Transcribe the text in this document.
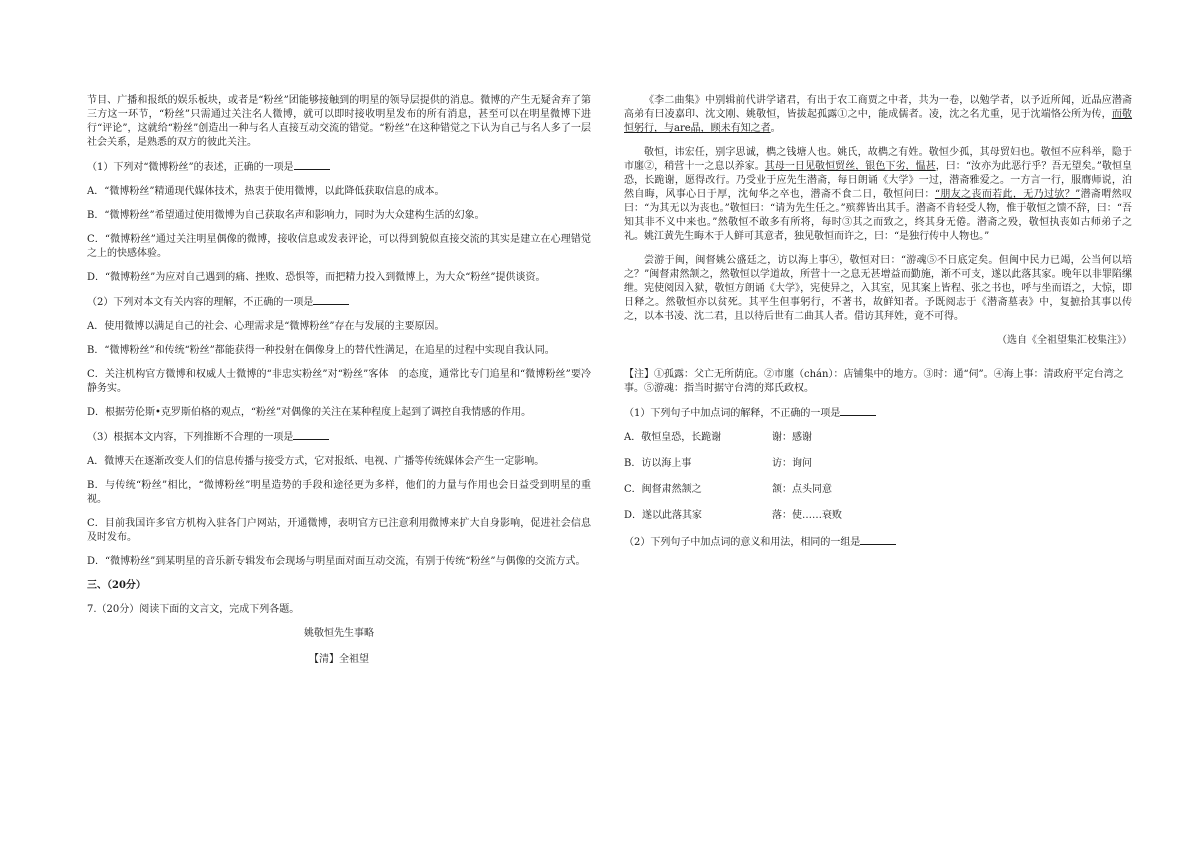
节目、广播和报纸的娱乐板块，或者是“粉丝”团能够接触到的明星的领导层提供的消息。微博的产生无疑舍弃了第三方这一环节，“粉丝”只需通过关注名人微博，就可以即时接收明星发布的所有消息，甚至可以在明星微博下进行“评论”，这就给“粉丝”创造出一种与名人直接互动交流的错觉。“粉丝”在这种错觉之下认为自己与名人多了一层社会关系，是熟悉的双方的彼此关注。

（1）下列对“微博粉丝”的表述，正确的一项是

A．“微博粉丝”精通现代媒体技术，热衷于使用微博，以此降低获取信息的成本。

B．“微博粉丝”希望通过使用微博为自己获取名声和影响力，同时为大众建构生活的幻象。

C．“微博粉丝”通过关注明星偶像的微博，接收信息或发表评论，可以得到貌似直接交流的其实是建立在心理错觉之上的快感体验。

D．“微博粉丝”为应对自己遇到的痛、挫败、恐惧等，而把精力投入到微博上，为大众“粉丝”提供谈资。

（2）下列对本文有关内容的理解，不正确的一项是

A．使用微博以满足自己的社会、心理需求是“微博粉丝”存在与发展的主要原因。

B．“微博粉丝”和传统“粉丝”都能获得一种投射在偶像身上的替代性满足，在追星的过程中实现自我认同。

C．关注机构官方微博和权威人士微博的“非忠实粉丝”对“粉丝”客体　的态度，通常比专门追星和“微博粉丝”要冷静务实。

D．根据劳伦斯•克罗斯伯格的观点，“粉丝”对偶像的关注在某种程度上起到了调控自我情感的作用。

（3）根据本文内容，下列推断不合理的一项是

A．微博天在逐渐改变人们的信息传播与接受方式，它对报纸、电视、广播等传统媒体会产生一定影响。

B．与传统“粉丝”相比，“微博粉丝”明星造势的手段和途径更为多样，他们的力量与作用也会日益受到明星的重视。

C．目前我国许多官方机构入驻各门户网站，开通微博，表明官方已注意利用微博来扩大自身影响，促进社会信息及时发布。

D．“微博粉丝”到某明星的音乐新专辑发布会现场与明星面对面互动交流，有别于传统“粉丝”与偶像的交流方式。

三、（20分）

7.（20分）阅读下面的文言文，完成下列各题。

姚敬恒先生事略

【清】全祖望

《李二曲集》中别辑前代讲学诸君，有出于农工商贾之中者，共为一卷，以勉学者，以予近所闻，近晶应潜斋高弟有曰凌嘉印、沈文刚、姚敬恒，皆拔起孤露①之中，能成儒者。凌，沈之名尤重，见于沈端恪公所为传，而敬恒躬行，与are晶，顾未有知之者。

敬恒，讳宏任，别字思诚，檇之钱塘人也。姚氏，故檇之有姓。敬恒少孤，其母贸妇也。敬恒不应科举，隐于市廛②，稍营十一之息以养家。其母一日见敬恒贸丝，银色下劣，愠甚，曰：“汝亦为此恶行乎？吾无望矣。”敬恒皇恐，长跪谢，愿得改行。乃受业于应先生潜斋，每日朗诵《大学》一过，潜斋雅爱之。一方言一行，服膺师说，泊然自晦，风事心日于厚，沈甸华之卒也，潜斋不食二日，敬恒问曰：“朋友之丧而若此，无乃过欤？”潜斋喟然叹曰：“为其无以为丧也。”敬恒曰：“请为先生任之。”殡葬皆出其手。潜斋不肯轻受人物，惟于敬恒之馈不辞，曰：“吾知其非不义中来也。”然敬恒不敢多有所将，每时③其之而致之，终其身无倦。潜斋之殁，敬恒执丧如古师弟子之礼。姚江黄先生晦木于人鲜可其意者，独见敬恒而许之，曰：“是独行传中人物也。”

尝游于闽，闽督姚公盛廷之，访以海上事④，敬恒对曰：“游魂⑤不日底定矣。但闽中民力已竭，公当何以培之？”闽督肃然颔之，然敬恒以学道故，所营十一之息无甚增益而勤施，渐不可支，遂以此落其家。晚年以非罪陷缧绁。宪使阅因入狱，敬恒方朗诵《大学》，宪使异之，入其室，见其案上皆程、张之书也，呼与坐而语之，大惊，即日释之。然敬恒亦以贫死。其平生但事躬行，不著书，故鲜知者。予既阅志于《潜斋墓表》中，复摭拾其事以传之，以本书凌、沈二君，且以待后世有二曲其人者。借访其拜姓，竟不可得。

（选自《全祖望集汇校集注》）

【注】①孤露：父亡无所荫庇。②市廛（chán）：店铺集中的地方。③时：通“伺”。④海上事：清政府平定台湾之事。⑤游魂：指当时据守台湾的郑氏政权。

（1）下列句子中加点词的解释，不正确的一项是

A．敬恒皇恐，长跪谢	谢：感谢
B．访以海上事	访：询问
C．闽督肃然颔之	颔：点头同意
D．遂以此落其家	落：使……衰败

（2）下列句子中加点词的意义和用法，相同的一组是
